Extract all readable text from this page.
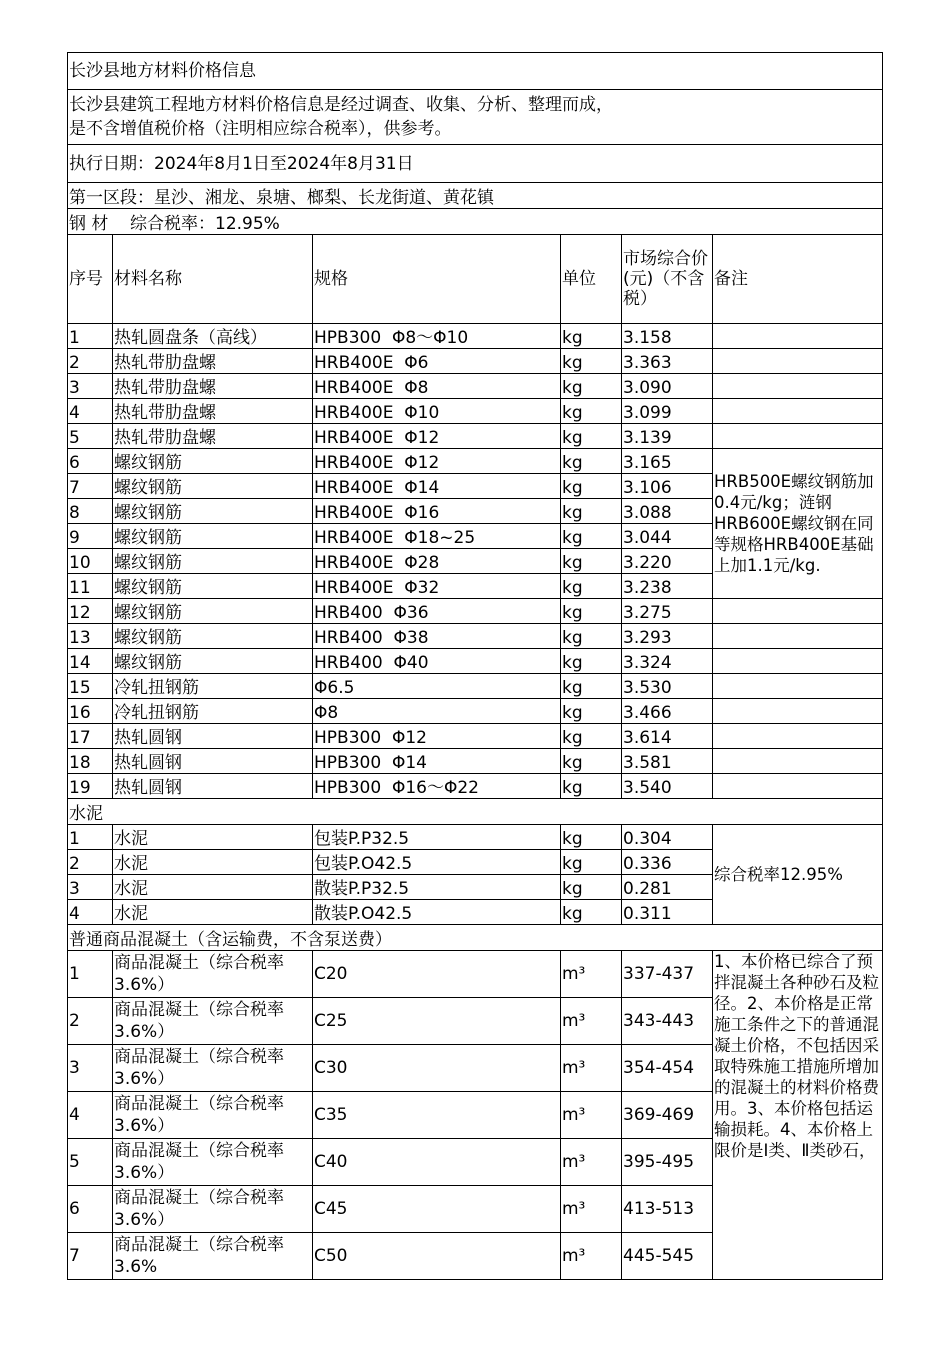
长沙县地方材料价格信息					
长沙县建筑工程地方材料价格信息是经过调查、收集、分析、整理而成，
是不含增值税价格（注明相应综合税率），供参考。					
执行日期：2024年8月1日至2024年8月31日					
第一区段：星沙、湘龙、泉塘、榔梨、长龙街道、黄花镇					
钢 材    综合税率：12.95%					
序号	材料名称	规格	单位	市场综合价(元)（不含税）	备注
1	热轧圆盘条（高线）	HPB300  Φ8～Φ10	kg	3.158	
2	热轧带肋盘螺	HRB400E  Φ6	kg	3.363	
3	热轧带肋盘螺	HRB400E  Φ8	kg	3.090	
4	热轧带肋盘螺	HRB400E  Φ10	kg	3.099	
5	热轧带肋盘螺	HRB400E  Φ12	kg	3.139	
6	螺纹钢筋	HRB400E  Φ12	kg	3.165	HRB500E螺纹钢筋加0.4元/kg；涟钢HRB600E螺纹钢在同等规格HRB400E基础上加1.1元/kg.
7	螺纹钢筋	HRB400E  Φ14	kg	3.106	
8	螺纹钢筋	HRB400E  Φ16	kg	3.088	
9	螺纹钢筋	HRB400E  Φ18~25	kg	3.044	
10	螺纹钢筋	HRB400E  Φ28	kg	3.220	
11	螺纹钢筋	HRB400E  Φ32	kg	3.238	
12	螺纹钢筋	HRB400  Φ36	kg	3.275	
13	螺纹钢筋	HRB400  Φ38	kg	3.293	
14	螺纹钢筋	HRB400  Φ40	kg	3.324	
15	冷轧扭钢筋	Φ6.5	kg	3.530	
16	冷轧扭钢筋	Φ8	kg	3.466	
17	热轧圆钢	HPB300  Φ12	kg	3.614	
18	热轧圆钢	HPB300  Φ14	kg	3.581	
19	热轧圆钢	HPB300  Φ16～Φ22	kg	3.540	
水泥					
1	水泥	包装P.P32.5	kg	0.304	综合税率12.95%
2	水泥	包装P.O42.5	kg	0.336	
3	水泥	散装P.P32.5	kg	0.281	
4	水泥	散装P.O42.5	kg	0.311	
普通商品混凝土（含运输费，不含泵送费）					
1	商品混凝土（综合税率3.6%）	C20	m³	337-437	1、本价格已综合了预拌混凝土各种砂石及粒径。2、本价格是正常施工条件之下的普通混凝土价格，不包括因采取特殊施工措施所增加的混凝土的材料价格费用。3、本价格包括运输损耗。4、本价格上限价是Ⅰ类、Ⅱ类砂石，
2	商品混凝土（综合税率3.6%）	C25	m³	343-443	
3	商品混凝土（综合税率3.6%）	C30	m³	354-454	
4	商品混凝土（综合税率3.6%）	C35	m³	369-469	
5	商品混凝土（综合税率3.6%）	C40	m³	395-495	
6	商品混凝土（综合税率3.6%）	C45	m³	413-513	
7	商品混凝土（综合税率3.6%	C50	m³	445-545	
